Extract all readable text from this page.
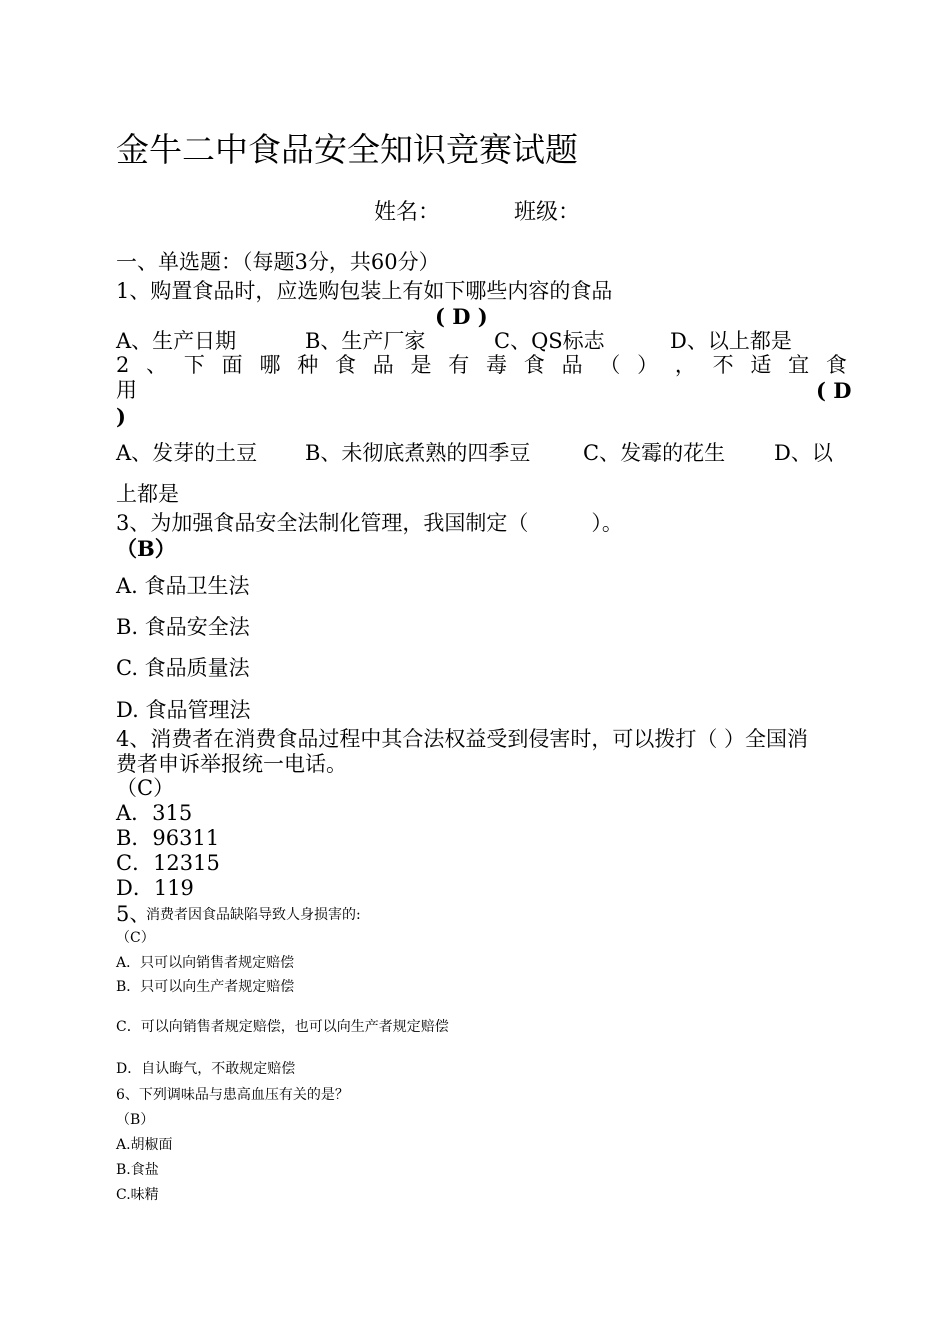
金牛二中食品安全知识竞赛试题
姓名：	班级：
一、单选题：（每题3分，共60分）
1、购置食品时，应选购包装上有如下哪些内容的食品
( D )
A、生产日期	B、生产厂家	C、QS标志	D、以上都是
2 、 下 面 哪 种 食 品 是 有 毒 食 品 （ ） ， 不 适 宜 食
用	( D
)
A、发芽的土豆 B、未彻底煮熟的四季豆	C、发霉的花生 D、以
上都是
3、为加强食品安全法制化管理，我国制定（　　　）。
（B）
A. 食品卫生法
B. 食品安全法
C. 食品质量法
D. 食品管理法
4、消费者在消费食品过程中其合法权益受到侵害时，可以拨打（ ）全国消
费者申诉举报统一电话。
（C）
A．315
B．96311
C．12315
D．119
5、
消费者因食品缺陷导致人身损害的:
（C）
A．只可以向销售者规定赔偿
B．只可以向生产者规定赔偿
C．可以向销售者规定赔偿，也可以向生产者规定赔偿
D．自认晦气，不敢规定赔偿
6、下列调味品与患高血压有关的是？
（B）
A.胡椒面
B.食盐
C.味精
